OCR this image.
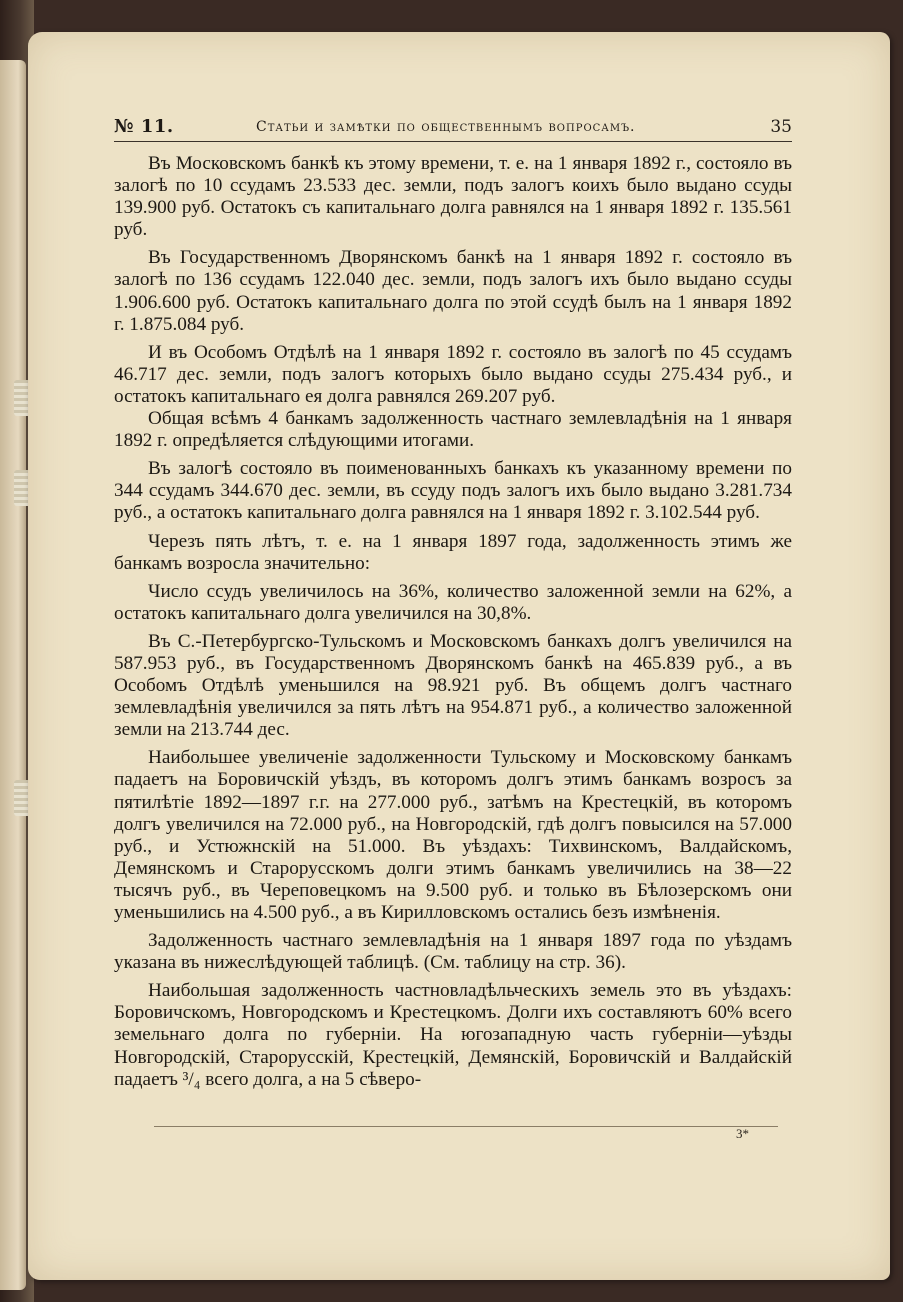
№ 11.	Статьи и замѣтки по общественнымъ вопросамъ.	35

Въ Московскомъ банкѣ къ этому времени, т. е. на 1 января 1892 г., состояло въ залогѣ по 10 ссудамъ 23.533 дес. земли, подъ залогъ коихъ было выдано ссуды 139.900 руб. Остатокъ съ капитальнаго долга равнялся на 1 января 1892 г. 135.561 руб.

Въ Государственномъ Дворянскомъ банкѣ на 1 января 1892 г. состояло въ залогѣ по 136 ссудамъ 122.040 дес. земли, подъ залогъ ихъ было выдано ссуды 1.906.600 руб. Остатокъ капитальнаго долга по этой ссудѣ былъ на 1 января 1892 г. 1.875.084 руб.

И въ Особомъ Отдѣлѣ на 1 января 1892 г. состояло въ залогѣ по 45 ссудамъ 46.717 дес. земли, подъ залогъ которыхъ было выдано ссуды 275.434 руб., и остатокъ капитальнаго ея долга равнялся 269.207 руб.

Общая всѣмъ 4 банкамъ задолженность частнаго землевладѣнія на 1 января 1892 г. опредѣляется слѣдующими итогами.

Въ залогѣ состояло въ поименованныхъ банкахъ къ указанному времени по 344 ссудамъ 344.670 дес. земли, въ ссуду подъ залогъ ихъ было выдано 3.281.734 руб., а остатокъ капитальнаго долга равнялся на 1 января 1892 г. 3.102.544 руб.

Черезъ пять лѣтъ, т. е. на 1 января 1897 года, задолженность этимъ же банкамъ возросла значительно:

Число ссудъ увеличилось на 36%, количество заложенной земли на 62%, а остатокъ капитальнаго долга увеличился на 30,8%.

Въ С.-Петербургско-Тульскомъ и Московскомъ банкахъ долгъ увеличился на 587.953 руб., въ Государственномъ Дворянскомъ банкѣ на 465.839 руб., а въ Особомъ Отдѣлѣ уменьшился на 98.921 руб. Въ общемъ долгъ частнаго землевладѣнія увеличился за пять лѣтъ на 954.871 руб., а количество заложенной земли на 213.744 дес.

Наибольшее увеличеніе задолженности Тульскому и Московскому банкамъ падаетъ на Боровичскій уѣздъ, въ которомъ долгъ этимъ банкамъ возросъ за пятилѣтіе 1892—1897 г.г. на 277.000 руб., затѣмъ на Крестецкій, въ которомъ долгъ увеличился на 72.000 руб., на Новгородскій, гдѣ долгъ повысился на 57.000 руб., и Устюжнскій на 51.000. Въ уѣздахъ: Тихвинскомъ, Валдайскомъ, Демянскомъ и Старорусскомъ долги этимъ банкамъ увеличились на 38—22 тысячъ руб., въ Череповецкомъ на 9.500 руб. и только въ Бѣлозерскомъ они уменьшились на 4.500 руб., а въ Кирилловскомъ остались безъ измѣненія.

Задолженность частнаго землевладѣнія на 1 января 1897 года по уѣздамъ указана въ нижеслѣдующей таблицѣ. (См. таблицу на стр. 36).

Наибольшая задолженность частновладѣльческихъ земель это въ уѣздахъ: Боровичскомъ, Новгородскомъ и Крестецкомъ. Долги ихъ составляютъ 60% всего земельнаго долга по губерніи. На югозападную часть губерніи—уѣзды Новгородскій, Старорусскій, Крестецкій, Демянскій, Боровичскій и Валдайскій падаетъ ³/₄ всего долга, а на 5 сѣверо-

3*
